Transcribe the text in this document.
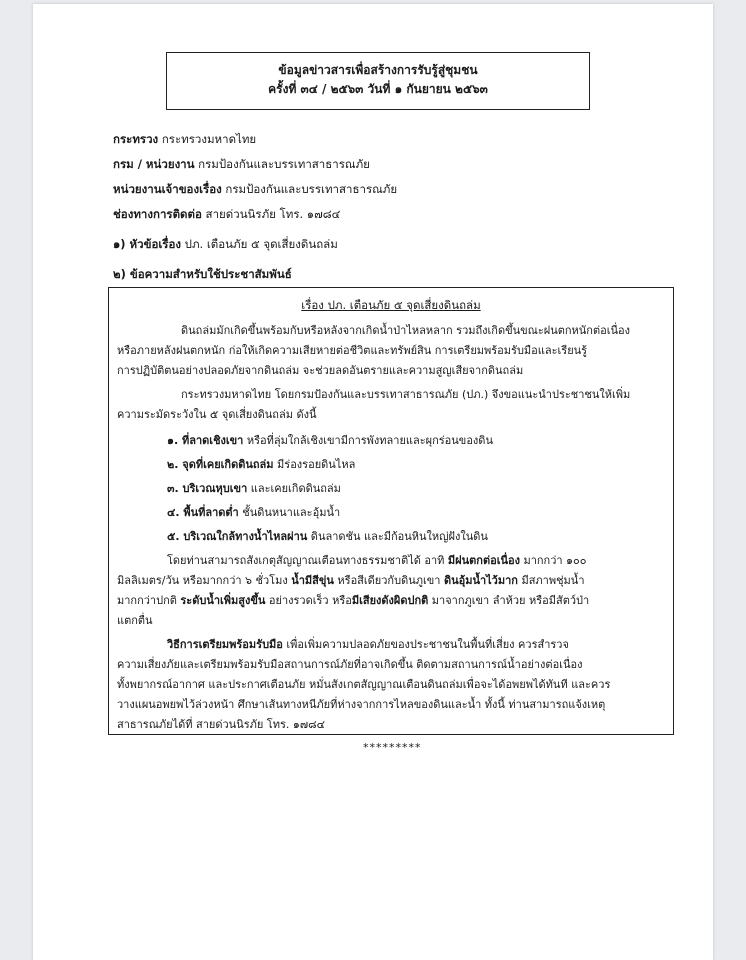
ข้อมูลข่าวสารเพื่อสร้างการรับรู้สู่ชุมชน
ครั้งที่ ๓๔ / ๒๕๖๓ วันที่ ๑ กันยายน ๒๕๖๓
กระทรวง กระทรวงมหาดไทย
กรม / หน่วยงาน กรมป้องกันและบรรเทาสาธารณภัย
หน่วยงานเจ้าของเรื่อง กรมป้องกันและบรรเทาสาธารณภัย
ช่องทางการติดต่อ สายด่วนนิรภัย โทร. ๑๗๘๔
๑) หัวข้อเรื่อง ปภ. เตือนภัย ๕ จุดเสี่ยงดินถล่ม
๒) ข้อความสำหรับใช้ประชาสัมพันธ์
เรื่อง ปภ. เตือนภัย ๕ จุดเสี่ยงดินถล่ม
ดินถล่มมักเกิดขึ้นพร้อมกับหรือหลังจากเกิดน้ำป่าไหลหลาก รวมถึงเกิดขึ้นขณะฝนตกหนักต่อเนื่อง
หรือภายหลังฝนตกหนัก ก่อให้เกิดความเสียหายต่อชีวิตและทรัพย์สิน การเตรียมพร้อมรับมือและเรียนรู้
การปฏิบัติตนอย่างปลอดภัยจากดินถล่ม จะช่วยลดอันตรายและความสูญเสียจากดินถล่ม
กระทรวงมหาดไทย โดยกรมป้องกันและบรรเทาสาธารณภัย (ปภ.) จึงขอแนะนำประชาชนให้เพิ่ม
ความระมัดระวังใน ๕ จุดเสี่ยงดินถล่ม ดังนี้
๑. ที่ลาดเชิงเขา หรือที่ลุ่มใกล้เชิงเขามีการพังทลายและผุกร่อนของดิน
๒. จุดที่เคยเกิดดินถล่ม มีร่องรอยดินไหล
๓. บริเวณหุบเขา และเคยเกิดดินถล่ม
๔. พื้นที่ลาดต่ำ ชั้นดินหนาและอุ้มน้ำ
๕. บริเวณใกล้ทางน้ำไหลผ่าน ดินลาดชัน และมีก้อนหินใหญ่ฝังในดิน
โดยท่านสามารถสังเกตุสัญญาณเตือนทางธรรมชาติได้ อาทิ มีฝนตกต่อเนื่อง มากกว่า ๑๐๐
มิลลิเมตร/วัน หรือมากกว่า ๖ ชั่วโมง น้ำมีสีขุ่น หรือสีเดียวกับดินภูเขา ดินอุ้มน้ำไว้มาก มีสภาพชุ่มน้ำ
มากกว่าปกติ ระดับน้ำเพิ่มสูงขึ้น อย่างรวดเร็ว หรือมีเสียงดังผิดปกติ มาจากภูเขา ลำห้วย หรือมีสัตว์ป่า
แตกตื่น
วิธีการเตรียมพร้อมรับมือ เพื่อเพิ่มความปลอดภัยของประชาชนในพื้นที่เสี่ยง ควรสำรวจ
ความเสี่ยงภัยและเตรียมพร้อมรับมือสถานการณ์ภัยที่อาจเกิดขึ้น ติดตามสถานการณ์น้ำอย่างต่อเนื่อง
ทั้งพยากรณ์อากาศ และประกาศเตือนภัย หมั่นสังเกตสัญญาณเตือนดินถล่มเพื่อจะได้อพยพได้ทันที และควร
วางแผนอพยพไว้ล่วงหน้า ศึกษาเส้นทางหนีภัยที่ห่างจากการไหลของดินและน้ำ ทั้งนี้ ท่านสามารถแจ้งเหตุ
สาธารณภัยได้ที่ สายด่วนนิรภัย โทร. ๑๗๘๔
*********
